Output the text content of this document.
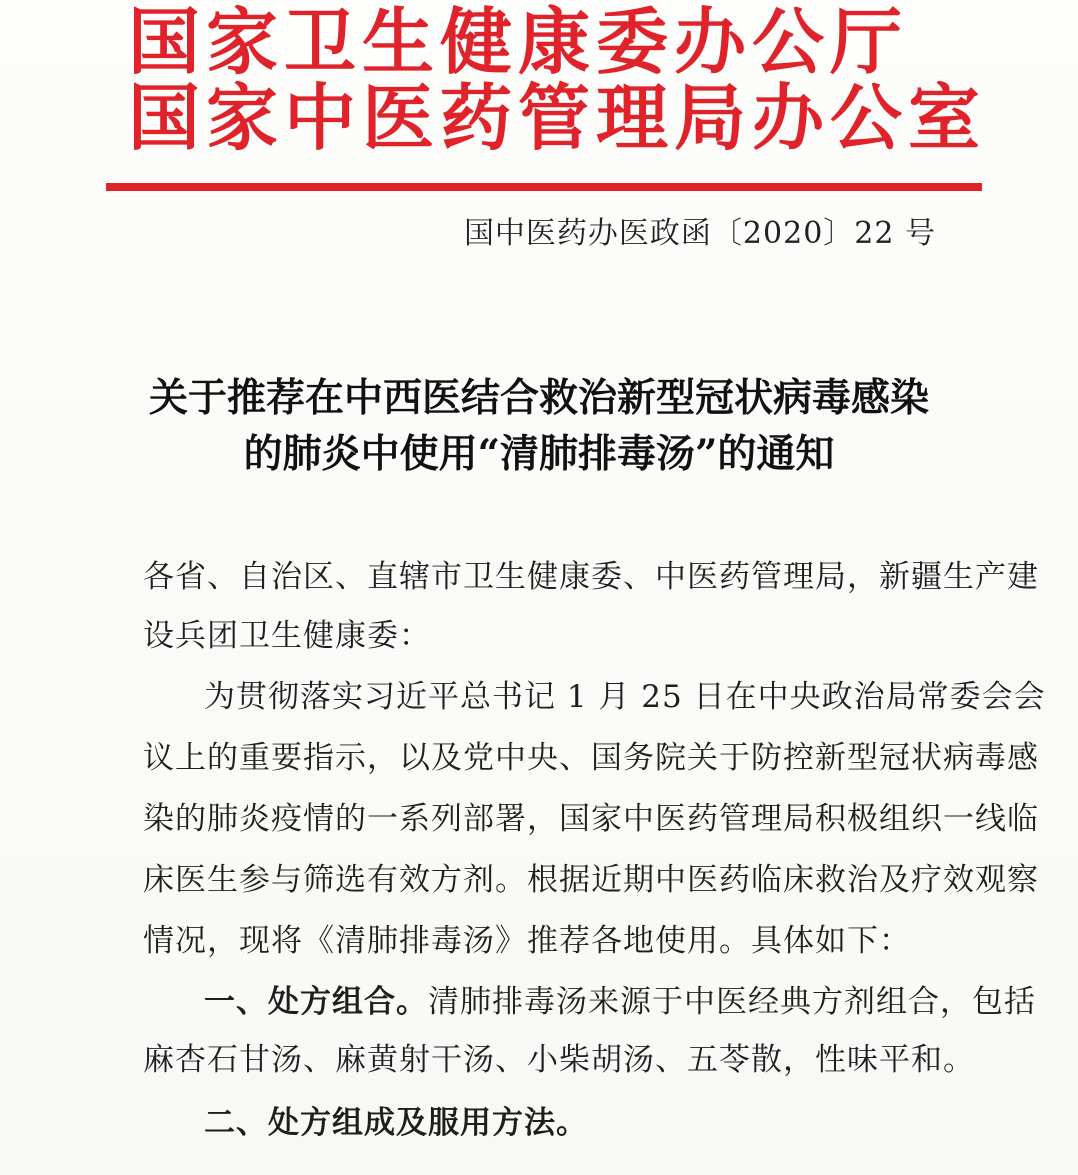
国家卫生健康委办公厅
国家中医药管理局办公室
国中医药办医政函〔2020〕22 号
关于推荐在中西医结合救治新型冠状病毒感染
的肺炎中使用“清肺排毒汤”的通知
各省、自治区、直辖市卫生健康委、中医药管理局，新疆生产建
设兵团卫生健康委：
为贯彻落实习近平总书记 1 月 25 日在中央政治局常委会会
议上的重要指示，以及党中央、国务院关于防控新型冠状病毒感
染的肺炎疫情的一系列部署，国家中医药管理局积极组织一线临
床医生参与筛选有效方剂。根据近期中医药临床救治及疗效观察
情况，现将《清肺排毒汤》推荐各地使用。具体如下：
一、处方组合。清肺排毒汤来源于中医经典方剂组合，包括
麻杏石甘汤、麻黄射干汤、小柴胡汤、五苓散，性味平和。
二、处方组成及服用方法。
